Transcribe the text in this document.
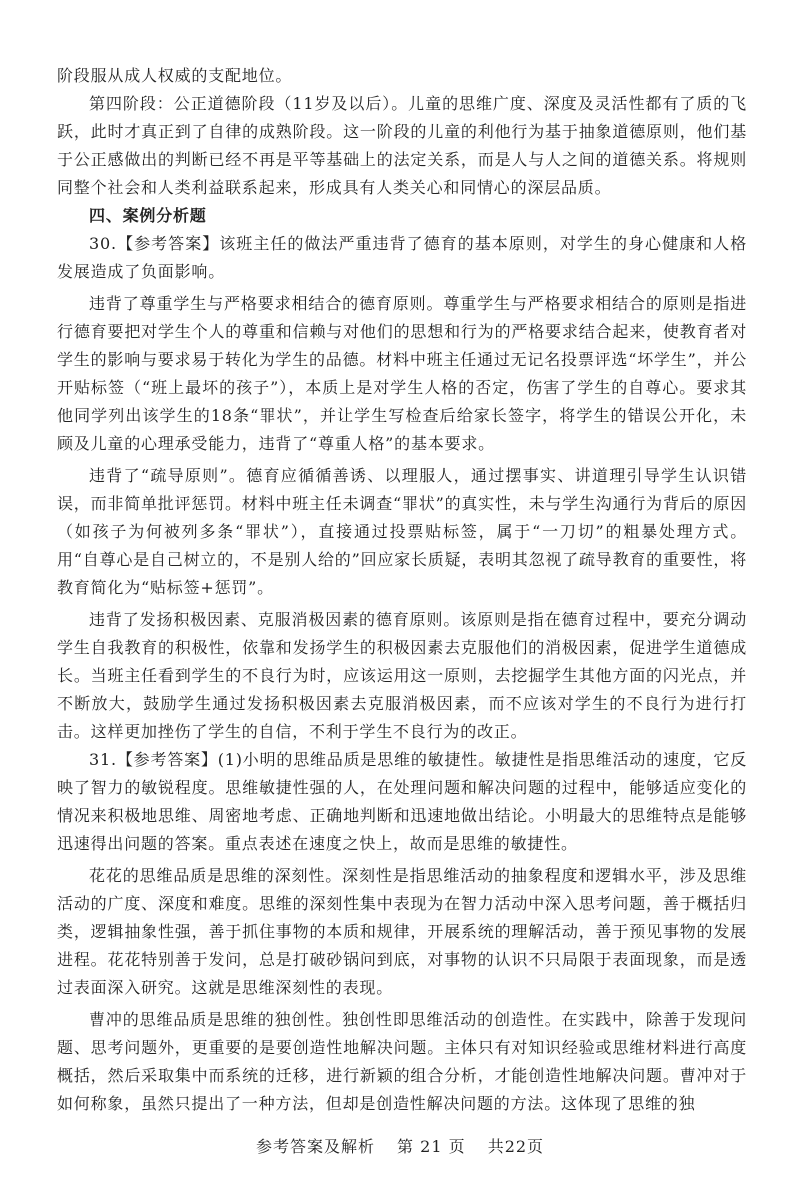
阶段服从成人权威的支配地位。

第四阶段：公正道德阶段（11岁及以后）。儿童的思维广度、深度及灵活性都有了质的飞跃，此时才真正到了自律的成熟阶段。这一阶段的儿童的利他行为基于抽象道德原则，他们基于公正感做出的判断已经不再是平等基础上的法定关系，而是人与人之间的道德关系。将规则同整个社会和人类利益联系起来，形成具有人类关心和同情心的深层品质。

四、案例分析题

30.【参考答案】该班主任的做法严重违背了德育的基本原则，对学生的身心健康和人格发展造成了负面影响。

违背了尊重学生与严格要求相结合的德育原则。尊重学生与严格要求相结合的原则是指进行德育要把对学生个人的尊重和信赖与对他们的思想和行为的严格要求结合起来，使教育者对学生的影响与要求易于转化为学生的品德。材料中班主任通过无记名投票评选“坏学生”，并公开贴标签（“班上最坏的孩子”），本质上是对学生人格的否定，伤害了学生的自尊心。要求其他同学列出该学生的18条“罪状”，并让学生写检查后给家长签字，将学生的错误公开化，未顾及儿童的心理承受能力，违背了“尊重人格”的基本要求。

违背了“疏导原则”。德育应循循善诱、以理服人，通过摆事实、讲道理引导学生认识错误，而非简单批评惩罚。材料中班主任未调查“罪状”的真实性，未与学生沟通行为背后的原因（如孩子为何被列多条“罪状”），直接通过投票贴标签，属于“一刀切”的粗暴处理方式。用“自尊心是自己树立的，不是别人给的”回应家长质疑，表明其忽视了疏导教育的重要性，将教育简化为“贴标签+惩罚”。

违背了发扬积极因素、克服消极因素的德育原则。该原则是指在德育过程中，要充分调动学生自我教育的积极性，依靠和发扬学生的积极因素去克服他们的消极因素，促进学生道德成长。当班主任看到学生的不良行为时，应该运用这一原则，去挖掘学生其他方面的闪光点，并不断放大，鼓励学生通过发扬积极因素去克服消极因素，而不应该对学生的不良行为进行打击。这样更加挫伤了学生的自信，不利于学生不良行为的改正。

31.【参考答案】(1)小明的思维品质是思维的敏捷性。敏捷性是指思维活动的速度，它反映了智力的敏锐程度。思维敏捷性强的人，在处理问题和解决问题的过程中，能够适应变化的情况来积极地思维、周密地考虑、正确地判断和迅速地做出结论。小明最大的思维特点是能够迅速得出问题的答案。重点表述在速度之快上，故而是思维的敏捷性。

花花的思维品质是思维的深刻性。深刻性是指思维活动的抽象程度和逻辑水平，涉及思维活动的广度、深度和难度。思维的深刻性集中表现为在智力活动中深入思考问题，善于概括归类，逻辑抽象性强，善于抓住事物的本质和规律，开展系统的理解活动，善于预见事物的发展进程。花花特别善于发问，总是打破砂锅问到底，对事物的认识不只局限于表面现象，而是透过表面深入研究。这就是思维深刻性的表现。

曹冲的思维品质是思维的独创性。独创性即思维活动的创造性。在实践中，除善于发现问题、思考问题外，更重要的是要创造性地解决问题。主体只有对知识经验或思维材料进行高度概括，然后采取集中而系统的迁移，进行新颖的组合分析，才能创造性地解决问题。曹冲对于如何称象，虽然只提出了一种方法，但却是创造性解决问题的方法。这体现了思维的独

参考答案及解析 第 21 页 共22页
